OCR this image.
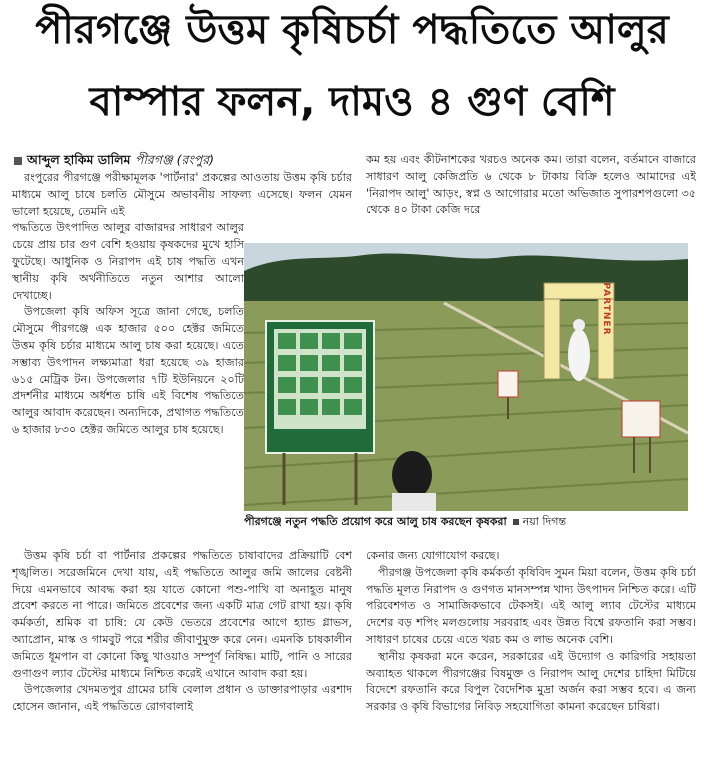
পীরগঞ্জে উত্তম কৃষিচর্চা পদ্ধতিতে আলুর
বাম্পার ফলন, দামও ৪ গুণ বেশি
আব্দুল হাকিম ডালিম পীরগঞ্জ (রংপুর)

রংপুরের পীরগঞ্জে পরীক্ষামূলক 'পার্টনার' প্রকল্পের আওতায় উত্তম কৃষি চর্চার মাধ্যমে আলু চাষে চলতি মৌসুমে অভাবনীয় সাফল্য এসেছে। ফলন যেমন ভালো হয়েছে, তেমনি এই

পদ্ধতিতে উৎপাদিত আলুর বাজারদর সাধারণ আলুর চেয়ে প্রায় চার গুণ বেশি হওয়ায় কৃষকদের মুখে হাসি ফুটেছে। আধুনিক ও নিরাপদ এই চাষ পদ্ধতি এখন স্থানীয় কৃষি অর্থনীতিতে নতুন আশার আলো দেখাচ্ছে।

উপজেলা কৃষি অফিস সূত্রে জানা গেছে, চলতি মৌসুমে পীরগঞ্জে এক হাজার ৫০০ হেক্টর জমিতে উত্তম কৃষি চর্চার মাধ্যমে আলু চাষ করা হয়েছে। এতে সম্ভাব্য উৎপাদন লক্ষ্যমাত্রা ধরা হয়েছে ৩৯ হাজার ৬১৫ মেট্রিক টন। উপজেলার ৭টি ইউনিয়নে ২০টি প্রদর্শনীর মাধ্যমে অর্ধশত চাষি এই বিশেষ পদ্ধতিতে আলুর আবাদ করেছেন। অন্যদিকে, প্রথাগত পদ্ধতিতে ৬ হাজার ৮৩০ হেক্টর জমিতে আলুর চাষ হয়েছে।

কম হয় এবং কীটনাশকের খরচও অনেক কম। তারা বলেন, বর্তমানে বাজারে সাধারণ আলু কেজিপ্রতি ৬ থেকে ৮ টাকায় বিক্রি হলেও আমাদের এই 'নিরাপদ আলু' আড়ং, স্বপ্ন ও আগোরার মতো অভিজাত সুপারশপগুলো ৩৫ থেকে ৪০ টাকা কেজি দরে

PARTNER
পীরগঞ্জে নতুন পদ্ধতি প্রয়োগ করে আলু চাষ করছেন কৃষকরা নয়া দিগন্ত

উত্তম কৃষি চর্চা বা পার্টনার প্রকল্পের পদ্ধতিতে চাষাবাদের প্রক্রিয়াটি বেশ শৃঙ্খলিত। সরেজমিনে দেখা যায়, এই পদ্ধতিতে আলুর জমি জালের বেষ্টনী দিয়ে এমনভাবে আবদ্ধ করা হয় যাতে কোনো পশু-পাখি বা অনাহূত মানুষ প্রবেশ করতে না পারে। জমিতে প্রবেশের জন্য একটি মাত্র গেট রাখা হয়। কৃষি কর্মকর্তা, শ্রমিক বা চাষি: যে কেউ ভেতরে প্রবেশের আগে হ্যান্ড গ্লাভস, অ্যাপ্রোন, মাস্ক ও গামবুট পরে শরীর জীবাণুমুক্ত করে নেন। এমনকি চাষকালীন জমিতে ধূমপান বা কোনো কিছু খাওয়াও সম্পূর্ণ নিষিদ্ধ। মাটি, পানি ও সারের গুণাগুণ ল্যাব টেস্টের মাধ্যমে নিশ্চিত করেই এখানে আবাদ করা হয়।

উপজেলার খেদমতপুর গ্রামের চাষি বেলাল প্রধান ও ডাক্তারপাড়ার এরশাদ হোসেন জানান, এই পদ্ধতিতে রোগবালাই

কেনার জন্য যোগাযোগ করছে।

পীরগঞ্জ উপজেলা কৃষি কর্মকর্তা কৃষিবিদ সুমন মিয়া বলেন, উত্তম কৃষি চর্চা পদ্ধতি মূলত নিরাপদ ও গুণগত মানসম্পন্ন খাদ্য উৎপাদন নিশ্চিত করে। এটি পরিবেশগত ও সামাজিকভাবে টেকসই। এই আলু ল্যাব টেস্টের মাধ্যমে দেশের বড় শপিং মলগুলোয় সরবরাহ এবং উন্নত বিশ্বে রফতানি করা সম্ভব। সাধারণ চাষের চেয়ে এতে খরচ কম ও লাভ অনেক বেশি।

স্থানীয় কৃষকরা মনে করেন, সরকারের এই উদ্যোগ ও কারিগরি সহায়তা অব্যাহত থাকলে পীরগঞ্জের বিষমুক্ত ও নিরাপদ আলু দেশের চাহিদা মিটিয়ে বিদেশে রফতানি করে বিপুল বৈদেশিক মুদ্রা অর্জন করা সম্ভব হবে। এ জন্য সরকার ও কৃষি বিভাগের নিবিড় সহযোগিতা কামনা করেছেন চাষিরা।
